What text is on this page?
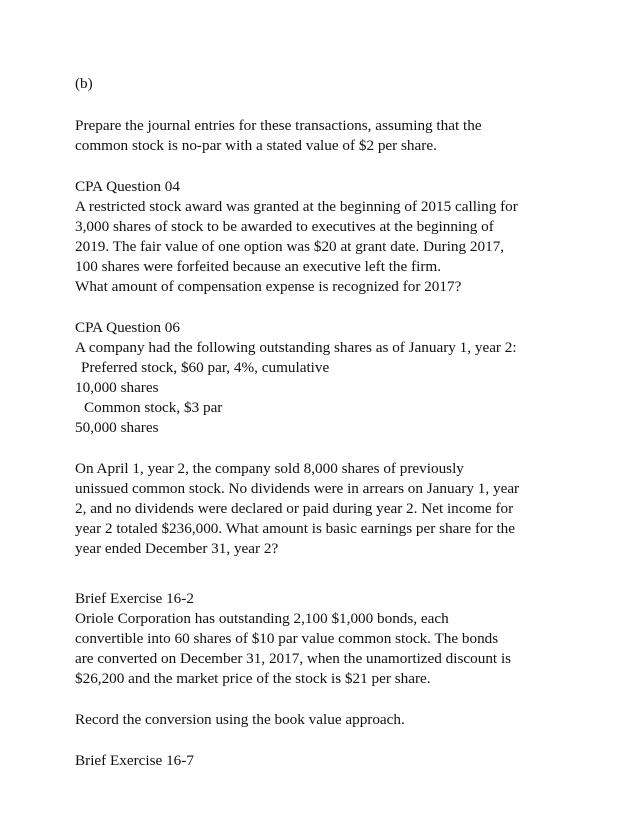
(b)
Prepare the journal entries for these transactions, assuming that the
common stock is no-par with a stated value of $2 per share.
CPA Question 04
A restricted stock award was granted at the beginning of 2015 calling for
3,000 shares of stock to be awarded to executives at the beginning of
2019. The fair value of one option was $20 at grant date. During 2017,
100 shares were forfeited because an executive left the firm.
What amount of compensation expense is recognized for 2017?
CPA Question 06
A company had the following outstanding shares as of January 1, year 2:
Preferred stock, $60 par, 4%, cumulative
10,000 shares
Common stock, $3 par
50,000 shares
On April 1, year 2, the company sold 8,000 shares of previously
unissued common stock. No dividends were in arrears on January 1, year
2, and no dividends were declared or paid during year 2. Net income for
year 2 totaled $236,000. What amount is basic earnings per share for the
year ended December 31, year 2?
Brief Exercise 16-2
Oriole Corporation has outstanding 2,100 $1,000 bonds, each
convertible into 60 shares of $10 par value common stock. The bonds
are converted on December 31, 2017, when the unamortized discount is
$26,200 and the market price of the stock is $21 per share.
Record the conversion using the book value approach.
Brief Exercise 16-7
